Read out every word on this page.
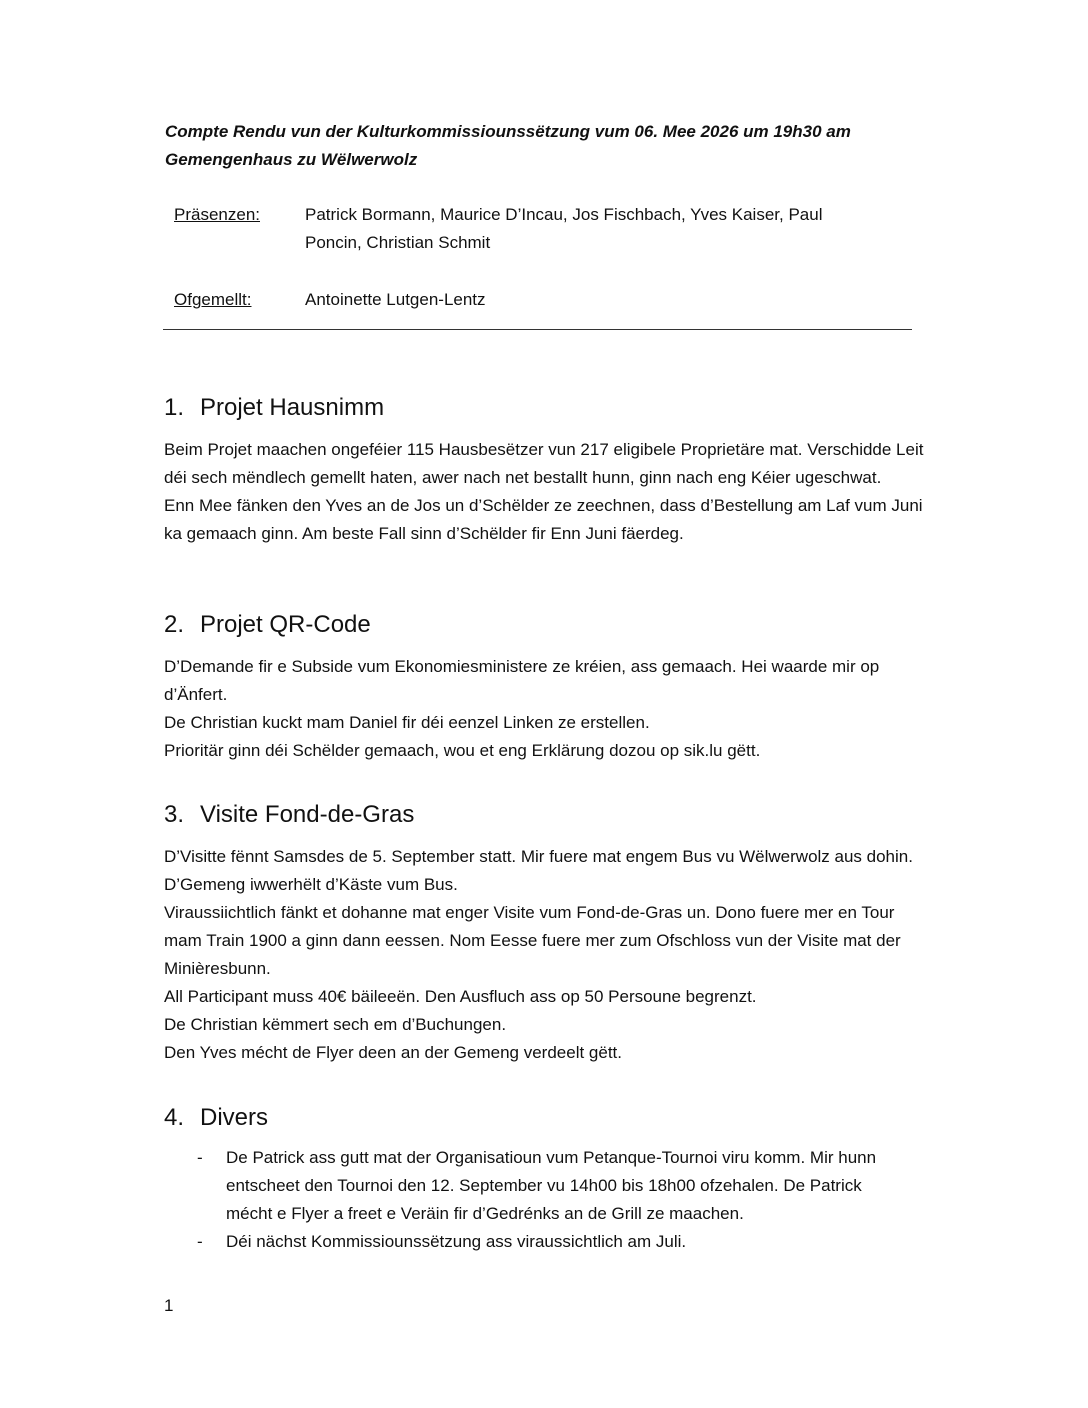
Compte Rendu vun der Kulturkommissiounssëtzung vum 06. Mee 2026 um 19h30 am Gemengenhaus zu Wëlwerwolz
Präsenzen:	Patrick Bormann, Maurice D’Incau, Jos Fischbach, Yves Kaiser, Paul Poncin, Christian Schmit
Ofgemellt:	Antoinette Lutgen-Lentz
1. Projet Hausnimm

Beim Projet maachen ongeféier 115 Hausbesëtzer vun 217 eligibele Proprietäre mat. Verschidde Leit déi sech mëndlech gemellt haten, awer nach net bestallt hunn, ginn nach eng Kéier ugeschwat.

Enn Mee fänken den Yves an de Jos un d’Schëlder ze zeechnen, dass d’Bestellung am Laf vum Juni ka gemaach ginn. Am beste Fall sinn d’Schëlder fir Enn Juni fäerdeg.

2. Projet QR-Code

D’Demande fir e Subside vum Ekonomiesministere ze kréien, ass gemaach. Hei waarde mir op d’Änfert.

De Christian kuckt mam Daniel fir déi eenzel Linken ze erstellen.

Prioritär ginn déi Schëlder gemaach, wou et eng Erklärung dozou op sik.lu gëtt.

3. Visite Fond-de-Gras

D’Visitte fënnt Samsdes de 5. September statt. Mir fuere mat engem Bus vu Wëlwerwolz aus dohin. D’Gemeng iwwerhëlt d’Käste vum Bus.

Viraussiichtlich fänkt et dohanne mat enger Visite vum Fond-de-Gras un. Dono fuere mer en Tour mam Train 1900 a ginn dann eessen. Nom Eesse fuere mer zum Ofschloss vun der Visite mat der Minièresbunn.

All Participant muss 40€ bäileeën. Den Ausfluch ass op 50 Persoune begrenzt.

De Christian këmmert sech em d’Buchungen.

Den Yves mécht de Flyer deen an der Gemeng verdeelt gëtt.

4. Divers
-	De Patrick ass gutt mat der Organisatioun vum Petanque-Tournoi viru komm. Mir hunn entscheet den Tournoi den 12. September vu 14h00 bis 18h00 ofzehalen. De Patrick mécht e Flyer a freet e Veräin fir d’Gedrénks an de Grill ze maachen.
-	Déi nächst Kommissiounssëtzung ass viraussichtlich am Juli.
1
